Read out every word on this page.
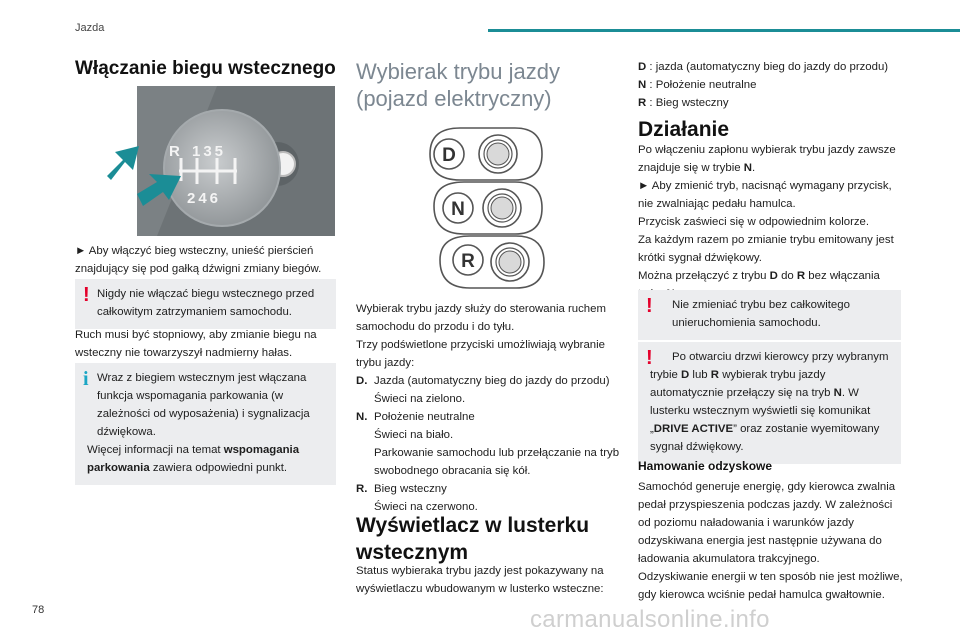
Jazda
Włączanie biegu wstecznego
135
246
R
► Aby włączyć bieg wsteczny, unieść pierścień znajdujący się pod gałką dźwigni zmiany biegów.
! Nigdy nie włączać biegu wstecznego przed całkowitym zatrzymaniem samochodu.
Ruch musi być stopniowy, aby zmianie biegu na wsteczny nie towarzyszył nadmierny hałas.
i Wraz z biegiem wstecznym jest włączana funkcja wspomagania parkowania (w zależności od wyposażenia) i sygnalizacja dźwiękowa.
Więcej informacji na temat wspomagania parkowania zawiera odpowiedni punkt.
Wybierak trybu jazdy (pojazd elektryczny)
D
N
R
Wybierak trybu jazdy służy do sterowania ruchem samochodu do przodu i do tyłu.
Trzy podświetlone przyciski umożliwiają wybranie trybu jazdy:
D. Jazda (automatyczny bieg do jazdy do przodu)
Świeci na zielono.
N. Położenie neutralne
Świeci na biało.
Parkowanie samochodu lub przełączanie na tryb swobodnego obracania się kół.
R. Bieg wsteczny
Świeci na czerwono.
Wyświetlacz w lusterku wstecznym
Status wybieraka trybu jazdy jest pokazywany na wyświetlaczu wbudowanym w lusterko wsteczne:
D : jazda (automatyczny bieg do jazdy do przodu)
N : Położenie neutralne
R : Bieg wsteczny
Działanie
Po włączeniu zapłonu wybierak trybu jazdy zawsze znajduje się w trybie N.
► Aby zmienić tryb, nacisnąć wymagany przycisk, nie zwalniając pedału hamulca.
Przycisk zaświeci się w odpowiednim kolorze.
Za każdym razem po zmianie trybu emitowany jest krótki sygnał dźwiękowy.
Można przełączyć z trybu D do R bez włączania
!	Nie zmieniać trybu bez całkowitego unieruchomienia samochodu.
!	Po otwarciu drzwi kierowcy przy wybranym trybie D lub R wybierak trybu jazdy automatycznie przełączy się na tryb N. W lusterku wstecznym wyświetli się komunikat „DRIVE ACTIVE” oraz zostanie wyemitowany sygnał dźwiękowy.
Hamowanie odzyskowe
Samochód generuje energię, gdy kierowca zwalnia pedał przyspieszenia podczas jazdy. W zależności od poziomu naładowania i warunków jazdy odzyskiwana energia jest następnie używana do ładowania akumulatora trakcyjnego.
Odzyskiwanie energii w ten sposób nie jest możliwe, gdy kierowca wciśnie pedał hamulca gwałtownie.
78	carmanualsonline.info
